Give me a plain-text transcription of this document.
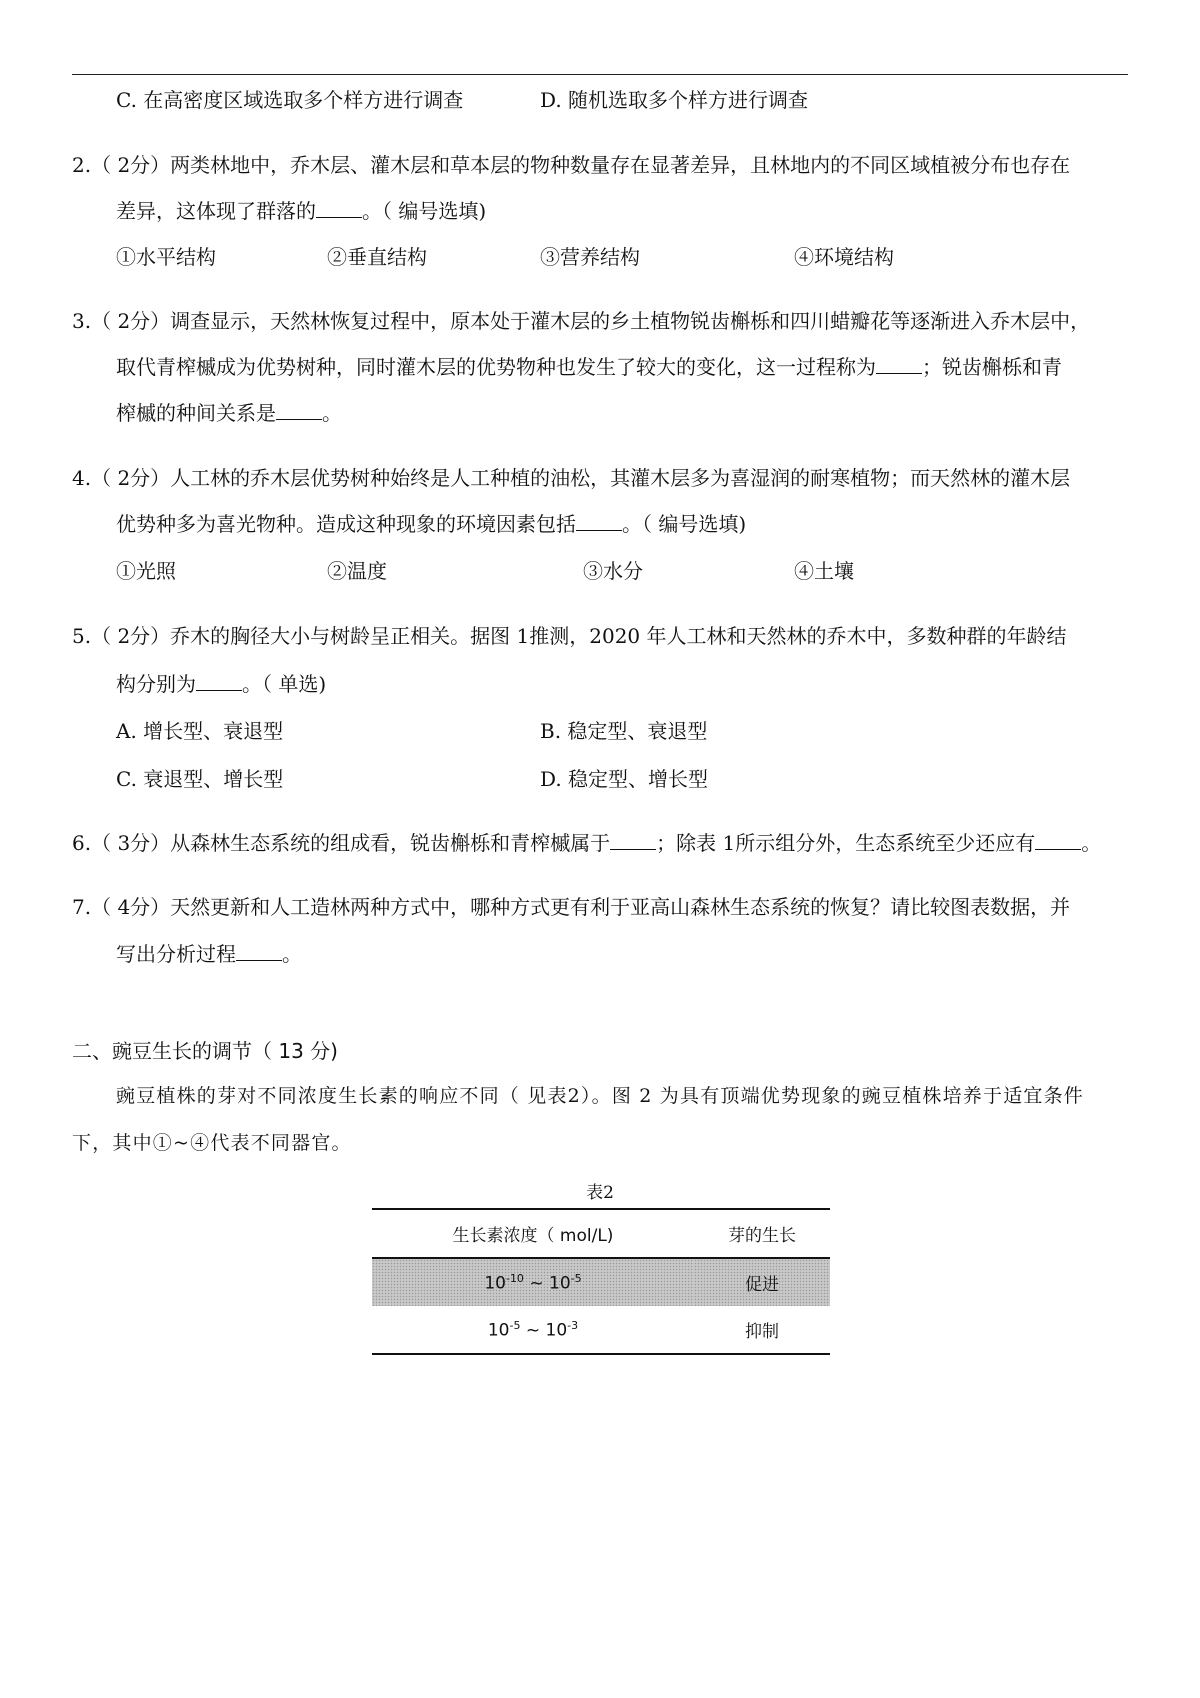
C. 在高密度区域选取多个样方进行调查	D. 随机选取多个样方进行调查
2.（ 2分）两类林地中，乔木层、灌木层和草本层的物种数量存在显著差异，且林地内的不同区域植被分布也存在
差异，这体现了群落的 。（ 编号选填)
①水平结构	②垂直结构	③营养结构	④环境结构
3.（ 2分）调查显示，天然林恢复过程中，原本处于灌木层的乡土植物锐齿槲栎和四川蜡瓣花等逐渐进入乔木层中，
取代青榨槭成为优势树种，同时灌木层的优势物种也发生了较大的变化，这一过程称为 ；锐齿槲栎和青
榨槭的种间关系是 。
4.（ 2分）人工林的乔木层优势树种始终是人工种植的油松，其灌木层多为喜湿润的耐寒植物；而天然林的灌木层
优势种多为喜光物种。造成这种现象的环境因素包括 。（ 编号选填)
①光照	②温度	③水分	④土壤
5.（ 2分）乔木的胸径大小与树龄呈正相关。据图 1推测，2020 年人工林和天然林的乔木中，多数种群的年龄结
构分别为 。（ 单选)
A. 增长型、衰退型	B. 稳定型、衰退型
C. 衰退型、增长型	D. 稳定型、增长型
6.（ 3分）从森林生态系统的组成看，锐齿槲栎和青榨槭属于 ；除表 1所示组分外，生态系统至少还应有 。
7.（ 4分）天然更新和人工造林两种方式中，哪种方式更有利于亚高山森林生态系统的恢复？请比较图表数据，并
写出分析过程 。
二、豌豆生长的调节（ 13 分)
豌豆植株的芽对不同浓度生长素的响应不同（ 见表2）。图 2 为具有顶端优势现象的豌豆植株培养于适宜条件
下，其中①~④代表不同器官。
表2
生长素浓度（ mol/L)	芽的生长
$10^{-10}$ ~ $10^{-5}$	促进
$10^{-5}$ ~ $10^{-3}$	抑制
